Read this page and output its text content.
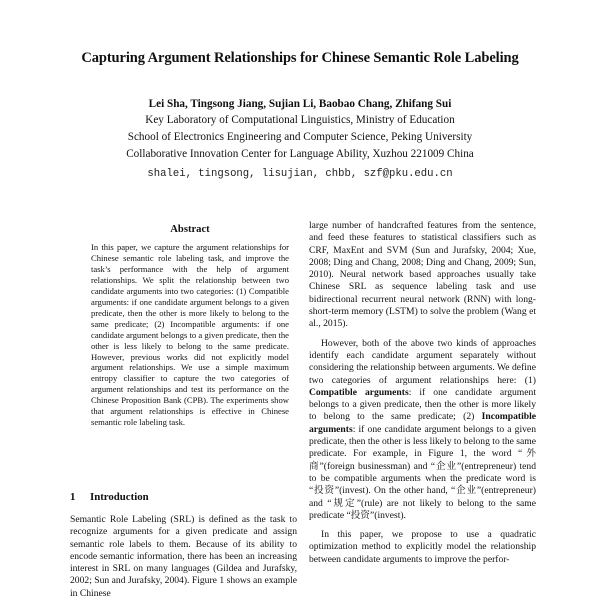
Capturing Argument Relationships for Chinese Semantic Role Labeling
Lei Sha, Tingsong Jiang, Sujian Li, Baobao Chang, Zhifang Sui
Key Laboratory of Computational Linguistics, Ministry of Education
School of Electronics Engineering and Computer Science, Peking University
Collaborative Innovation Center for Language Ability, Xuzhou 221009 China
shalei, tingsong, lisujian, chbb, szf@pku.edu.cn
Abstract
In this paper, we capture the argument relationships for Chinese semantic role labeling task, and improve the task’s performance with the help of argument relationships. We split the relationship between two candidate arguments into two categories: (1) Compatible arguments: if one candidate argument belongs to a given predicate, then the other is more likely to belong to the same predicate; (2) Incompatible arguments: if one candidate argument belongs to a given predicate, then the other is less likely to belong to the same predicate. However, previous works did not explicitly model argument relationships. We use a simple maximum entropy classifier to capture the two categories of argument relationships and test its performance on the Chinese Proposition Bank (CPB). The experiments show that argument relationships is effective in Chinese semantic role labeling task.
1 Introduction

Semantic Role Labeling (SRL) is defined as the task to recognize arguments for a given predicate and assign semantic role labels to them. Because of its ability to encode semantic information, there has been an increasing interest in SRL on many languages (Gildea and Jurafsky, 2002; Sun and Jurafsky, 2004). Figure 1 shows an example in Chinese

large number of handcrafted features from the sentence, and feed these features to statistical classifiers such as CRF, MaxEnt and SVM (Sun and Jurafsky, 2004; Xue, 2008; Ding and Chang, 2008; Ding and Chang, 2009; Sun, 2010). Neural network based approaches usually take Chinese SRL as sequence labeling task and use bidirectional recurrent neural network (RNN) with long-short-term memory (LSTM) to solve the problem (Wang et al., 2015).

However, both of the above two kinds of approaches identify each candidate argument separately without considering the relationship between arguments. We define two categories of argument relationships here: (1) Compatible arguments: if one candidate argument belongs to a given predicate, then the other is more likely to belong to the same predicate; (2) Incompatible arguments: if one candidate argument belongs to a given predicate, then the other is less likely to belong to the same predicate. For example, in Figure 1, the word “外商”(foreign businessman) and “企业”(entrepreneur) tend to be compatible arguments when the predicate word is “投资”(invest). On the other hand, “企业”(entrepreneur) and “规定”(rule) are not likely to belong to the same predicate “投资”(invest).

In this paper, we propose to use a quadratic optimization method to explicitly model the relationship between candidate arguments to improve the perfor-
